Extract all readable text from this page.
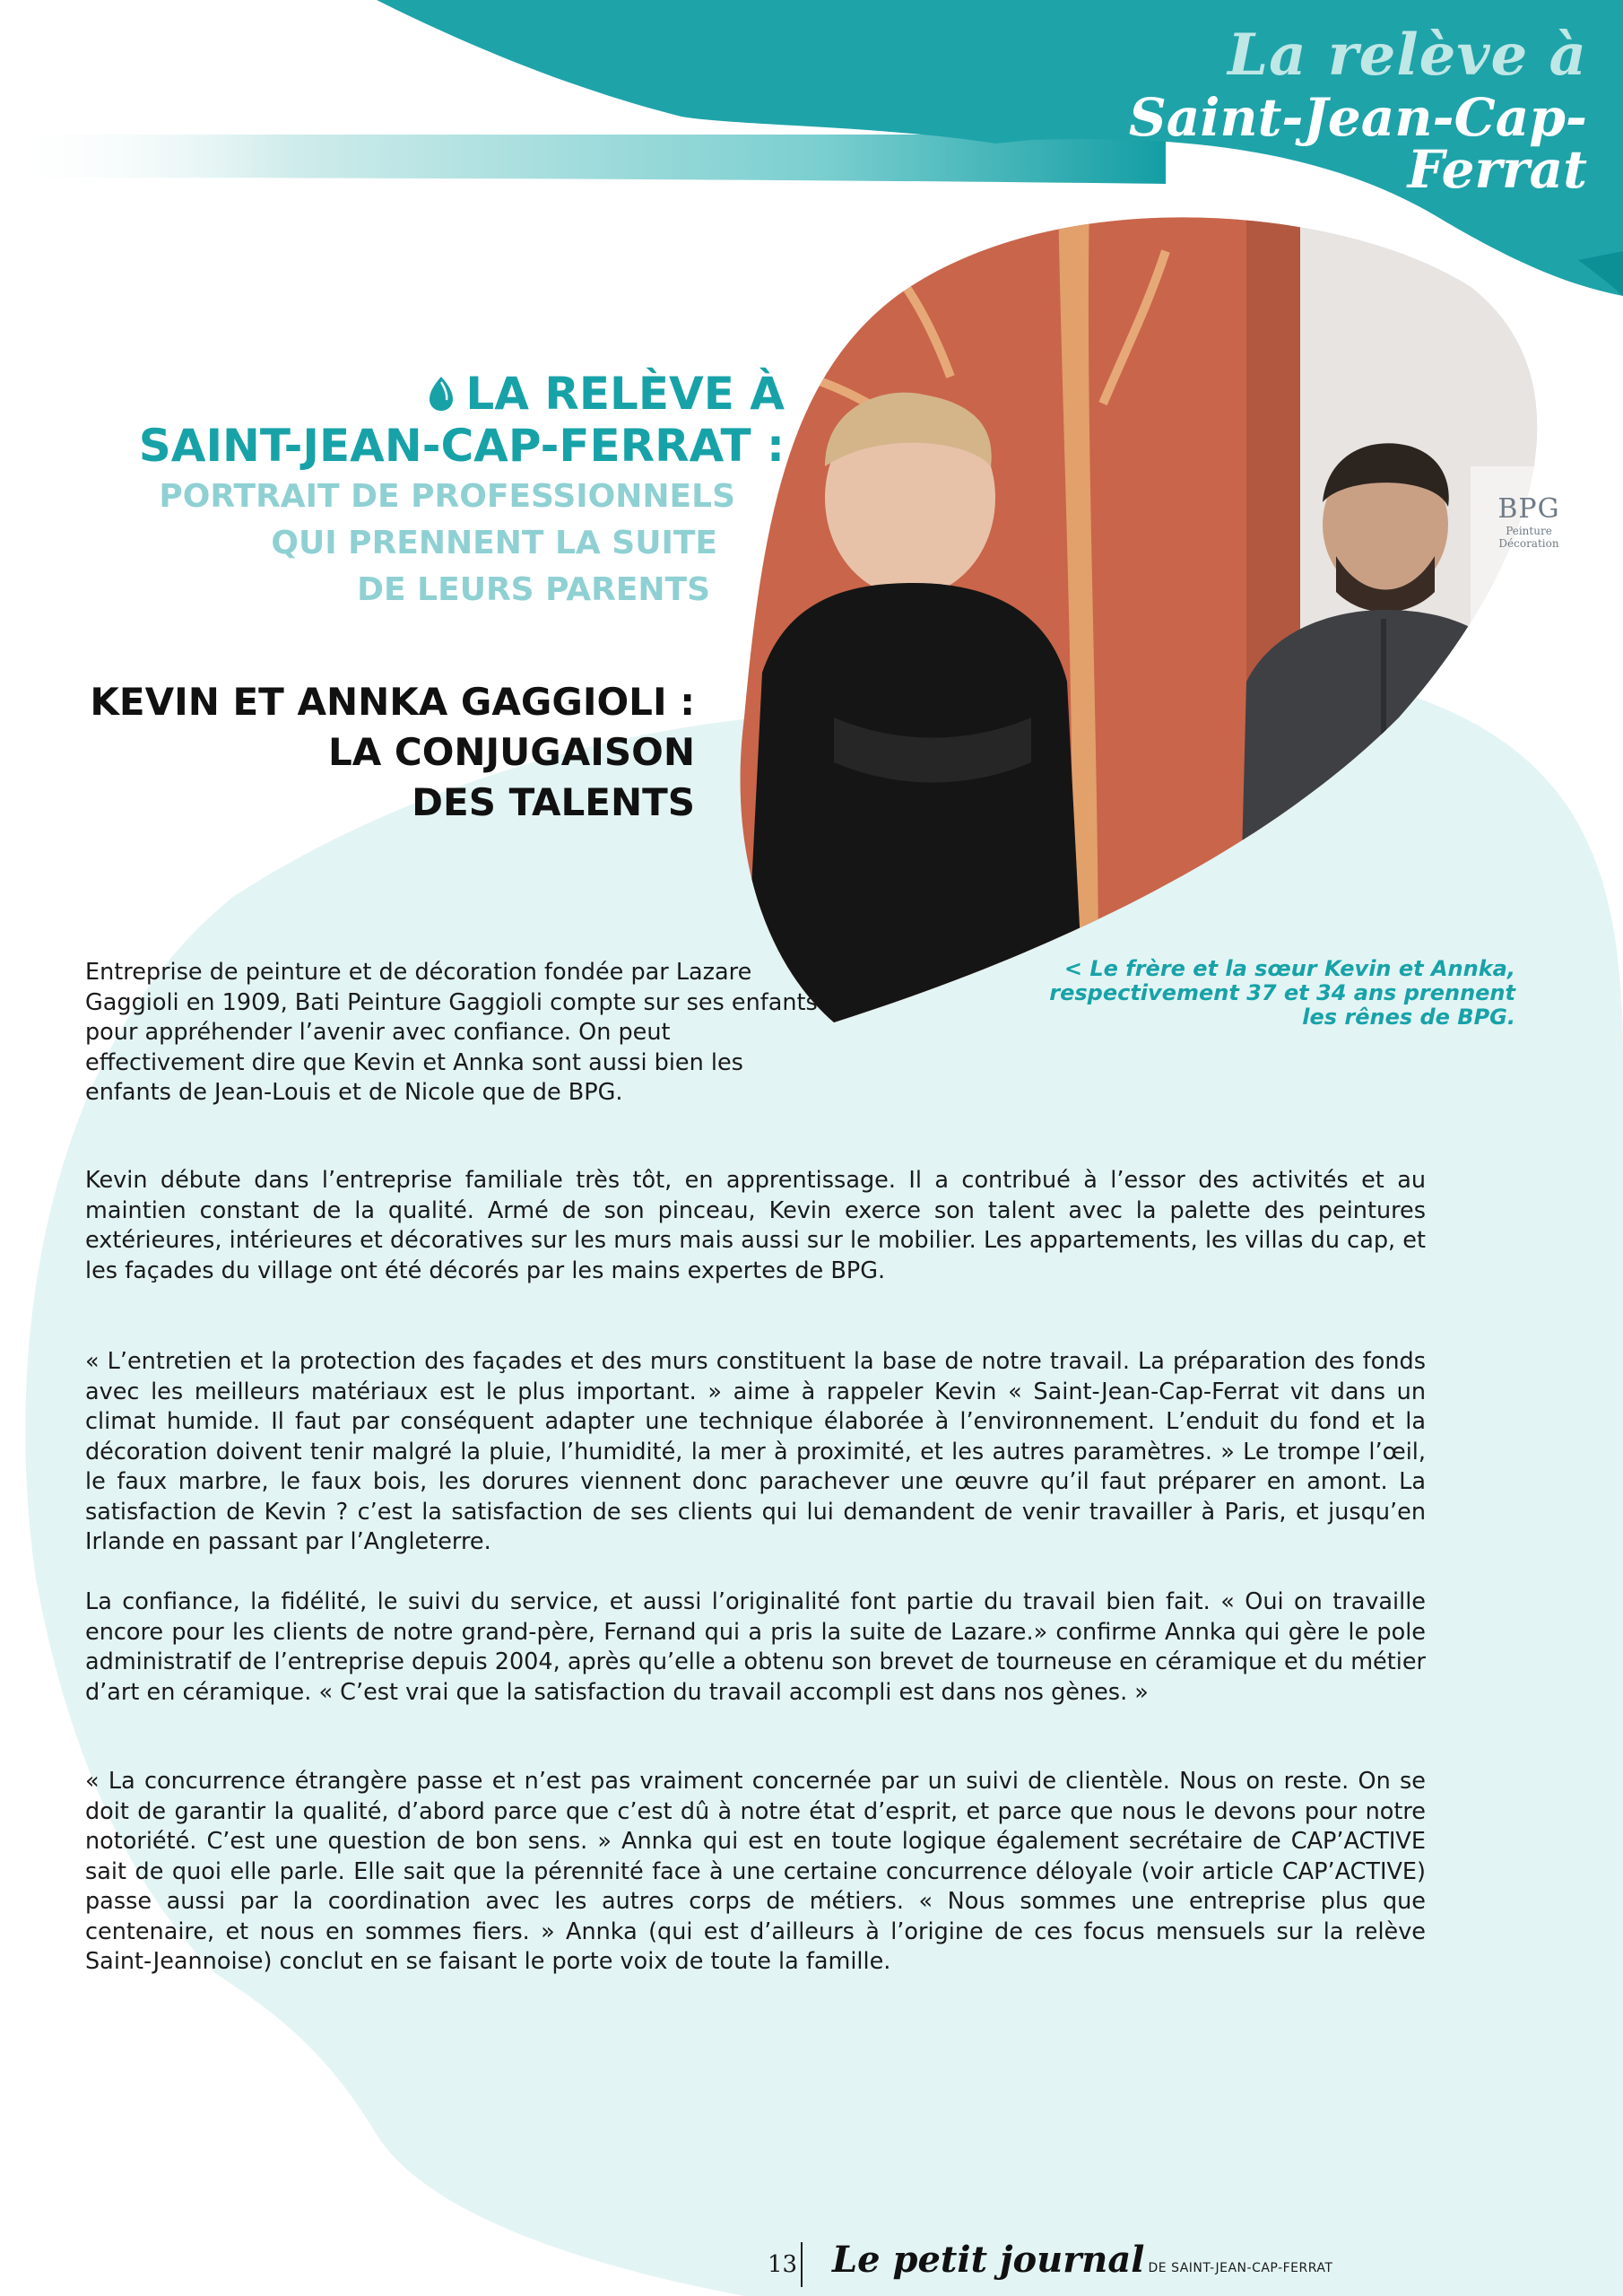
BPG
Peinture
Décoration
La relève à
Saint-Jean-Cap-Ferrat
LA RELÈVE À
SAINT-JEAN-CAP-FERRAT :
PORTRAIT DE PROFESSIONNELS
QUI PRENNENT LA SUITE
DE LEURS PARENTS
KEVIN ET ANNKA GAGGIOLI :
LA CONJUGAISON
DES TALENTS
< Le frère et la sœur Kevin et Annka, respectivement 37 et 34 ans prennent les rênes de BPG.
Entreprise de peinture et de décoration fondée par Lazare Gaggioli en 1909, Bati Peinture Gaggioli compte sur ses enfants pour appréhender l’avenir avec confiance. On peut effectivement dire que Kevin et Annka sont aussi bien les enfants de Jean-Louis et de Nicole que de BPG.
Kevin débute dans l’entreprise familiale très tôt, en apprentissage. Il a contribué à l’essor des activités et au maintien constant de la qualité. Armé de son pinceau, Kevin exerce son talent avec la palette des peintures extérieures, intérieures et décoratives sur les murs mais aussi sur le mobilier. Les appartements, les villas du cap, et les façades du village ont été décorés par les mains expertes de BPG.
« L’entretien et la protection des façades et des murs constituent la base de notre travail. La préparation des fonds avec les meilleurs matériaux est le plus important. » aime à rappeler Kevin « Saint-Jean-Cap-Ferrat vit dans un climat humide. Il faut par conséquent adapter une technique élaborée à l’environnement. L’enduit du fond et la décoration doivent tenir malgré la pluie, l’humidité, la mer à proximité, et les autres paramètres. » Le trompe l’œil, le faux marbre, le faux bois, les dorures viennent donc parachever une œuvre qu’il faut préparer en amont. La satisfaction de Kevin ? c’est la satisfaction de ses clients qui lui demandent de venir travailler à Paris, et jusqu’en Irlande en passant par l’Angleterre.
La confiance, la fidélité, le suivi du service, et aussi l’originalité font partie du travail bien fait. « Oui on travaille encore pour les clients de notre grand-père, Fernand qui a pris la suite de Lazare.» confirme Annka qui gère le pole administratif de l’entreprise depuis 2004, après qu’elle a obtenu son brevet de tourneuse en céramique et du métier d’art en céramique. « C’est vrai que la satisfaction du travail accompli est dans nos gènes. »
« La concurrence étrangère passe et n’est pas vraiment concernée par un suivi de clientèle. Nous on reste. On se doit de garantir la qualité, d’abord parce que c’est dû à notre état d’esprit, et parce que nous le devons pour notre notoriété. C’est une question de bon sens. » Annka qui est en toute logique également secrétaire de CAP’ACTIVE sait de quoi elle parle. Elle sait que la pérennité face à une certaine concurrence déloyale (voir article CAP’ACTIVE) passe aussi par la coordination avec les autres corps de métiers. « Nous sommes une entreprise plus que centenaire, et nous en sommes fiers. » Annka (qui est d’ailleurs à l’origine de ces focus mensuels sur la relève Saint-Jeannoise) conclut en se faisant le porte voix de toute la famille.
13 Le petit journal DE SAINT-JEAN-CAP-FERRAT
